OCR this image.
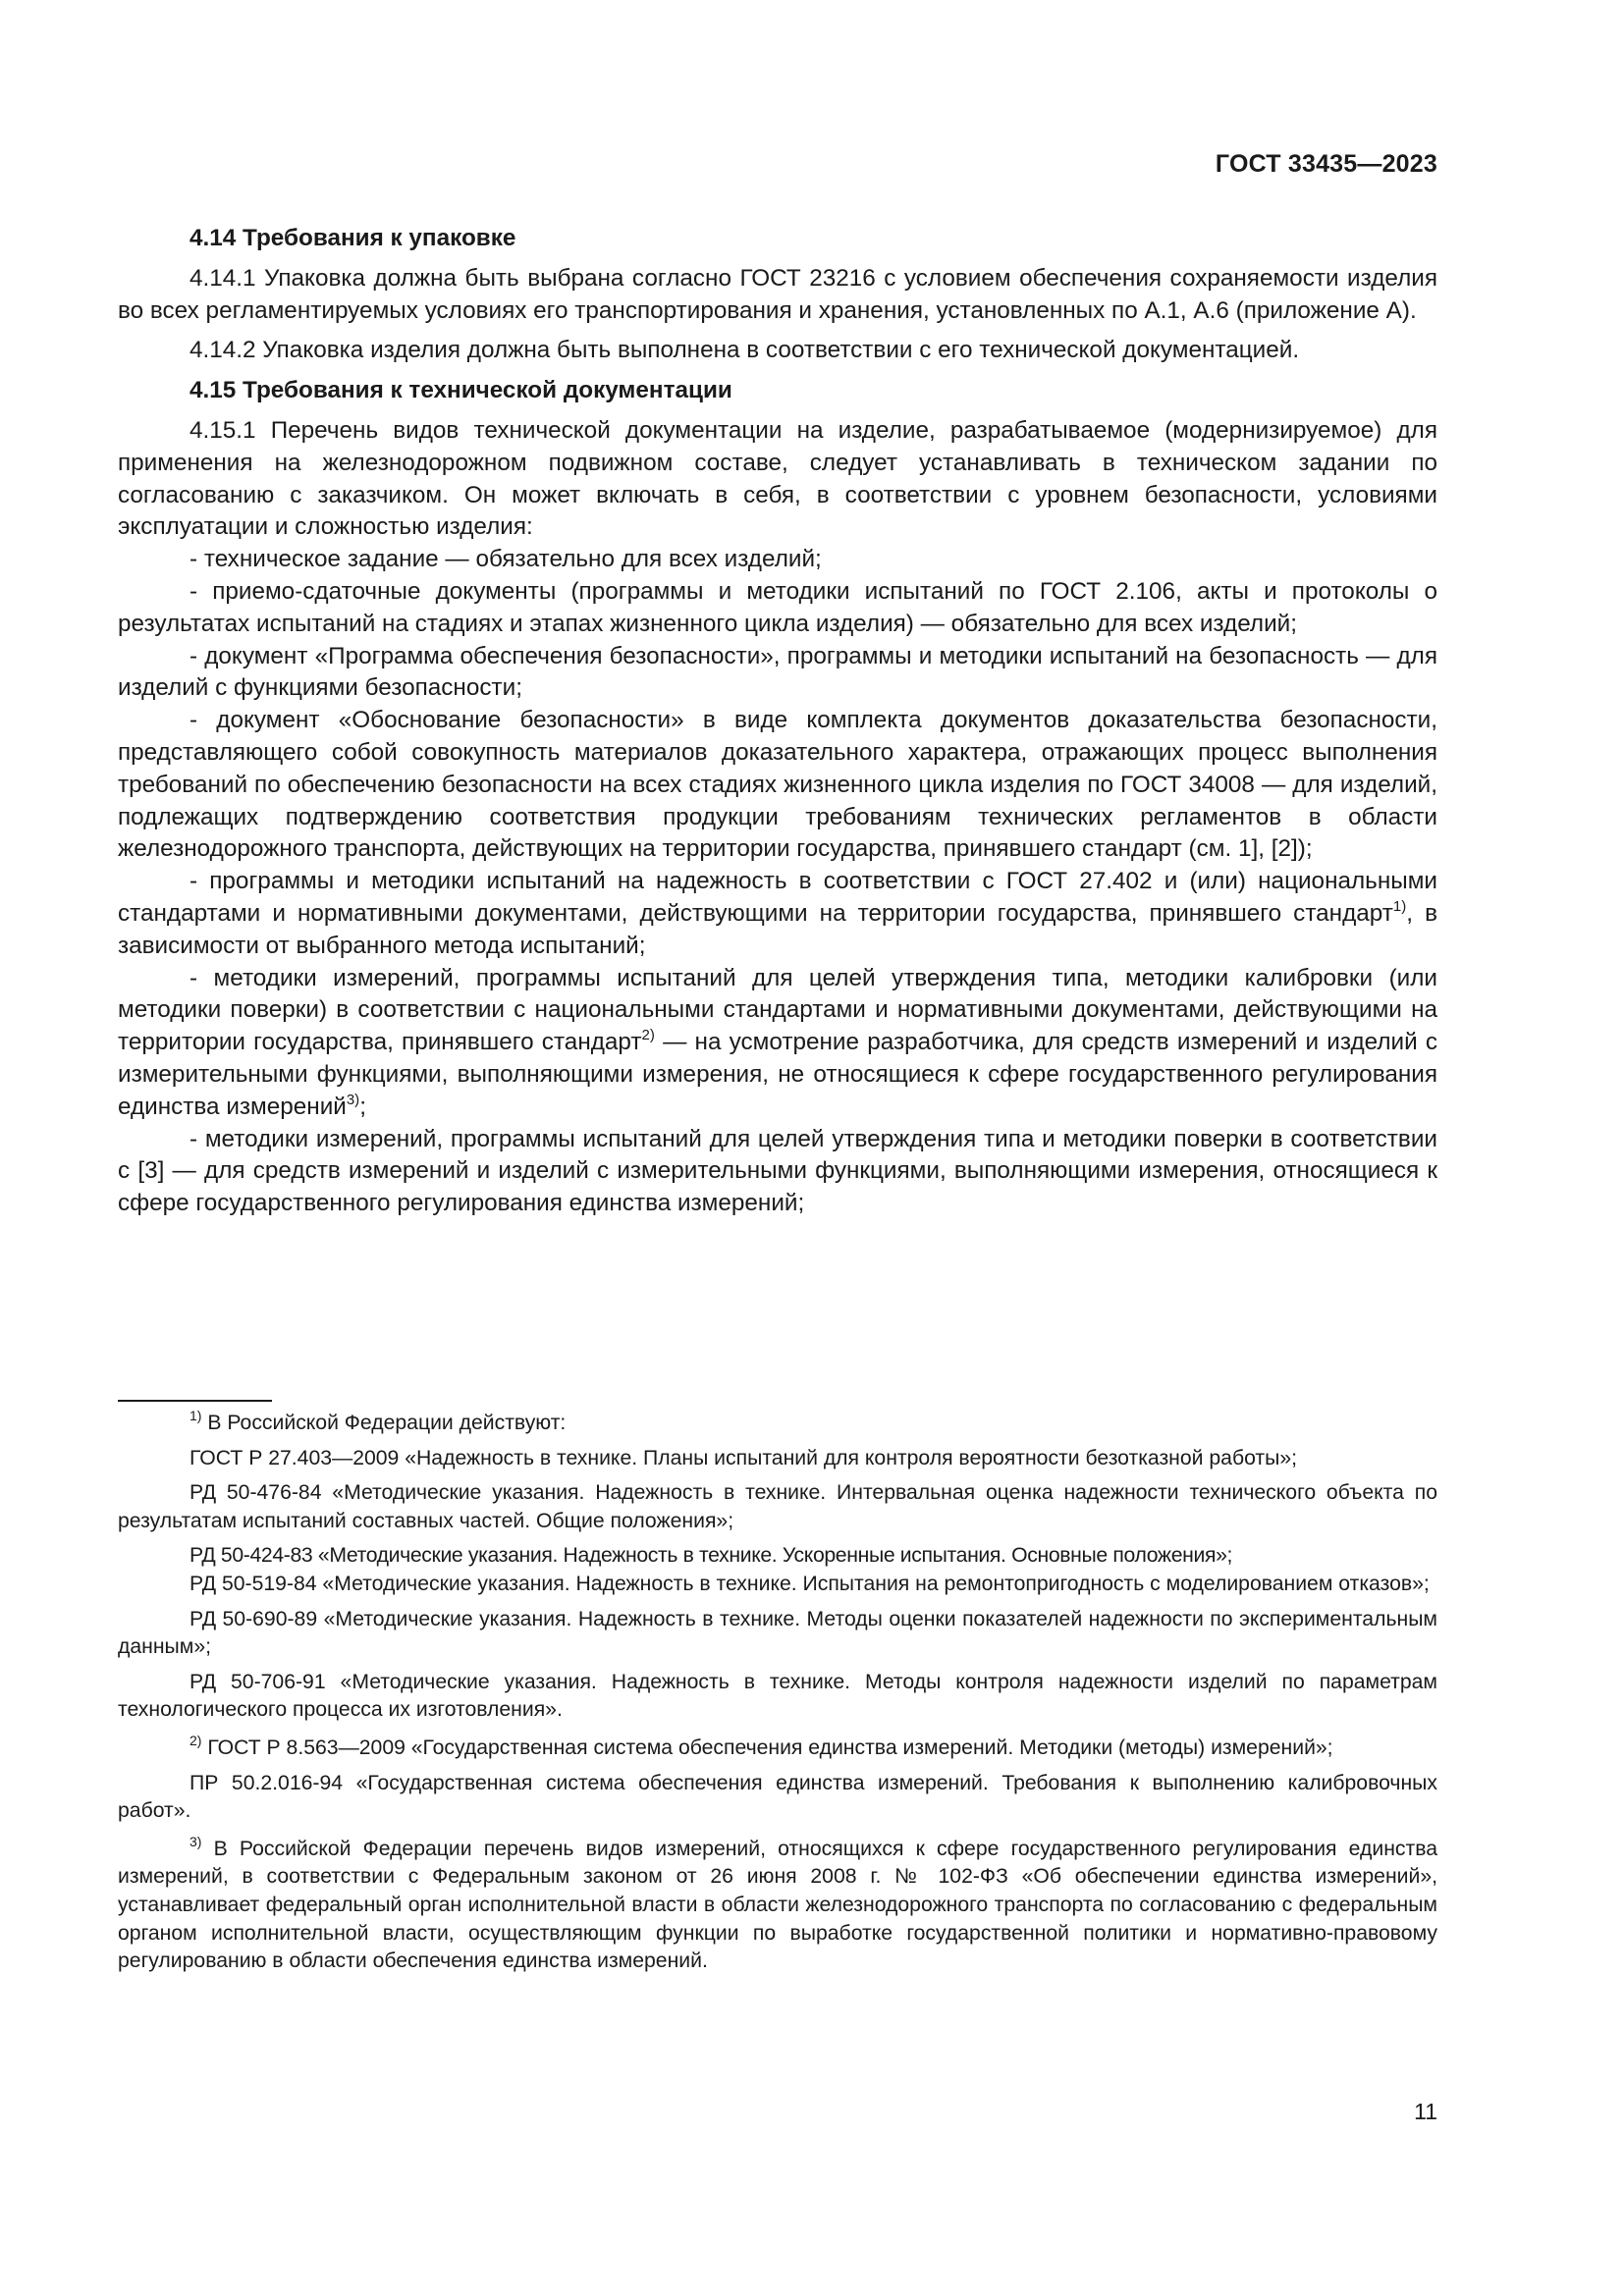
ГОСТ 33435—2023

4.14 Требования к упаковке

4.14.1 Упаковка должна быть выбрана согласно ГОСТ 23216 с условием обеспечения сохраняемости изделия во всех регламентируемых условиях его транспортирования и хранения, установленных по А.1, А.6 (приложение А).

4.14.2 Упаковка изделия должна быть выполнена в соответствии с его технической документацией.

4.15 Требования к технической документации

4.15.1 Перечень видов технической документации на изделие, разрабатываемое (модернизируемое) для применения на железнодорожном подвижном составе, следует устанавливать в техническом задании по согласованию с заказчиком. Он может включать в себя, в соответствии с уровнем безопасности, условиями эксплуатации и сложностью изделия:

- техническое задание — обязательно для всех изделий;

- приемо-сдаточные документы (программы и методики испытаний по ГОСТ 2.106, акты и протоколы о результатах испытаний на стадиях и этапах жизненного цикла изделия) — обязательно для всех изделий;

- документ «Программа обеспечения безопасности», программы и методики испытаний на безопасность — для изделий с функциями безопасности;

- документ «Обоснование безопасности» в виде комплекта документов доказательства безопасности, представляющего собой совокупность материалов доказательного характера, отражающих процесс выполнения требований по обеспечению безопасности на всех стадиях жизненного цикла изделия по ГОСТ 34008 — для изделий, подлежащих подтверждению соответствия продукции требованиям технических регламентов в области железнодорожного транспорта, действующих на территории государства, принявшего стандарт (см. 1], [2]);

- программы и методики испытаний на надежность в соответствии с ГОСТ 27.402 и (или) национальными стандартами и нормативными документами, действующими на территории государства, принявшего стандарт$^{1)}$, в зависимости от выбранного метода испытаний;

- методики измерений, программы испытаний для целей утверждения типа, методики калибровки (или методики поверки) в соответствии с национальными стандартами и нормативными документами, действующими на территории государства, принявшего стандарт$^{2)}$ — на усмотрение разработчика, для средств измерений и изделий с измерительными функциями, выполняющими измерения, не относящиеся к сфере государственного регулирования единства измерений$^{3)}$;

- методики измерений, программы испытаний для целей утверждения типа и методики поверки в соответствии с [3] — для средств измерений и изделий с измерительными функциями, выполняющими измерения, относящиеся к сфере государственного регулирования единства измерений;

$^{1)}$ В Российской Федерации действуют:

ГОСТ Р 27.403—2009 «Надежность в технике. Планы испытаний для контроля вероятности безотказной работы»;

РД 50-476-84 «Методические указания. Надежность в технике. Интервальная оценка надежности технического объекта по результатам испытаний составных частей. Общие положения»;

РД 50-424-83 «Методические указания. Надежность в технике. Ускоренные испытания. Основные положения»;

РД 50-519-84 «Методические указания. Надежность в технике. Испытания на ремонтопригодность с моделированием отказов»;

РД 50-690-89 «Методические указания. Надежность в технике. Методы оценки показателей надежности по экспериментальным данным»;

РД 50-706-91 «Методические указания. Надежность в технике. Методы контроля надежности изделий по параметрам технологического процесса их изготовления».

$^{2)}$ ГОСТ Р 8.563—2009 «Государственная система обеспечения единства измерений. Методики (методы) измерений»;

ПР 50.2.016-94 «Государственная система обеспечения единства измерений. Требования к выполнению калибровочных работ».

$^{3)}$ В Российской Федерации перечень видов измерений, относящихся к сфере государственного регулирования единства измерений, в соответствии с Федеральным законом от 26 июня 2008 г. № 102-ФЗ «Об обеспечении единства измерений», устанавливает федеральный орган исполнительной власти в области железнодорожного транспорта по согласованию с федеральным органом исполнительной власти, осуществляющим функции по выработке государственной политики и нормативно-правовому регулированию в области обеспечения единства измерений.

11
